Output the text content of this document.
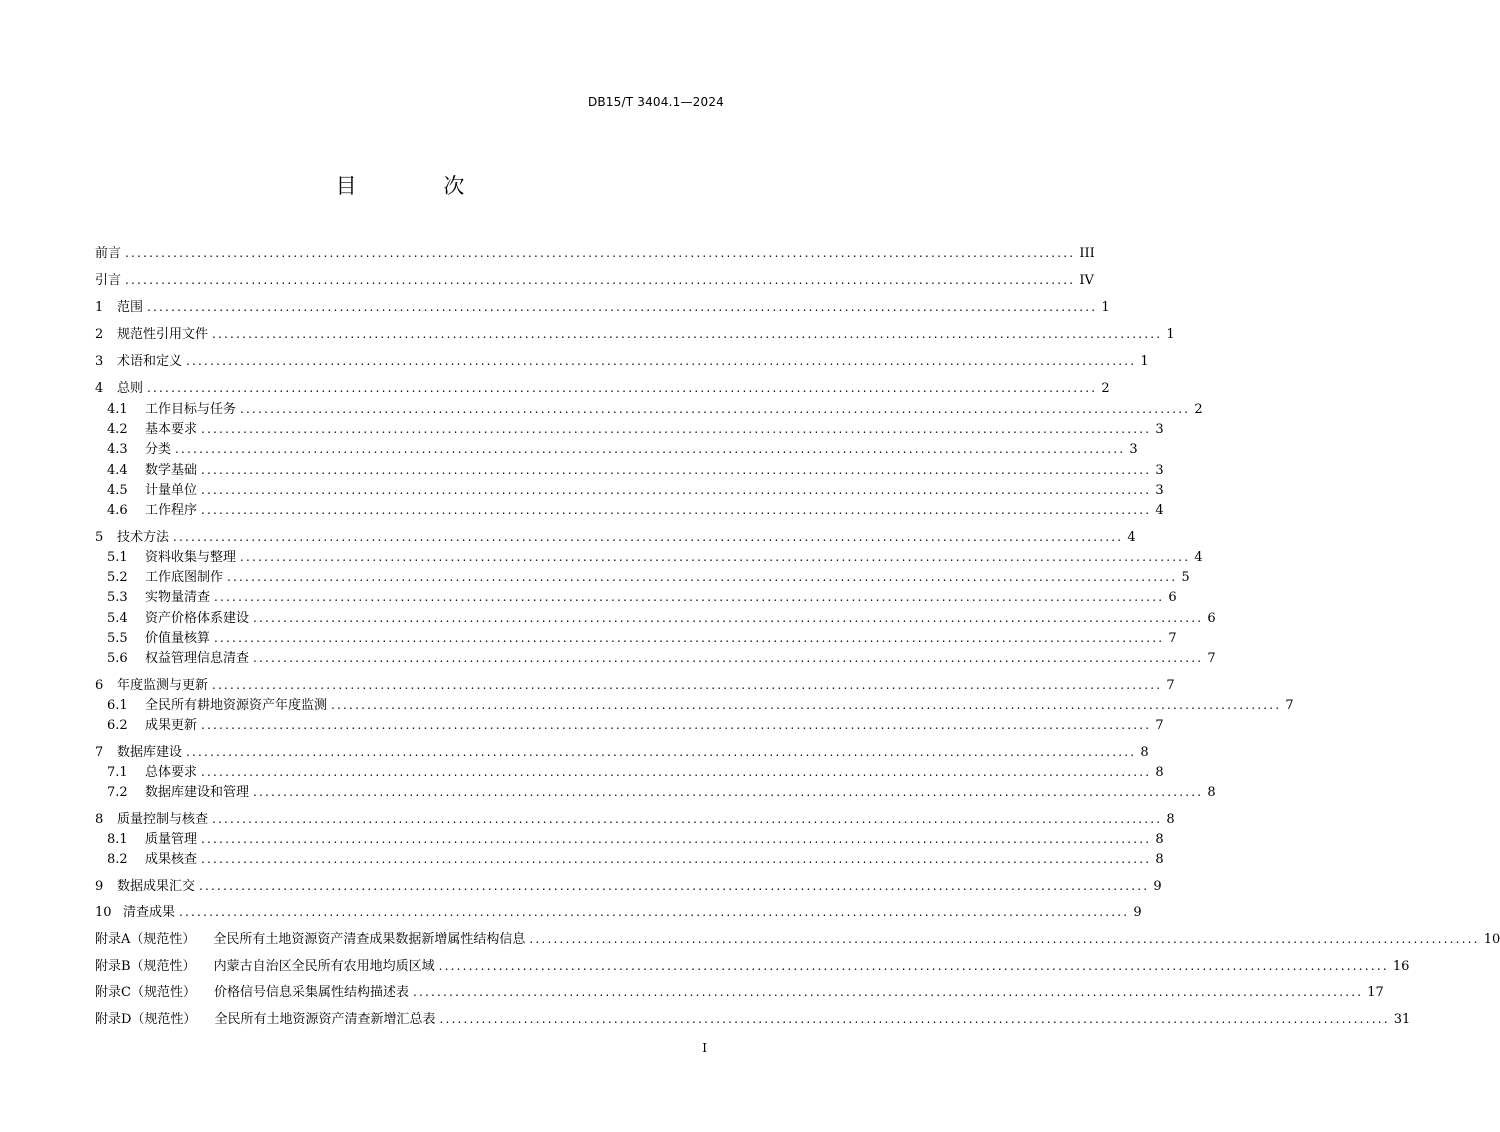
DB15/T 3404.1—2024
目 次
前言 .............................................................................................................................................................. III
引言 .............................................................................................................................................................. IV
1	范围 .............................................................................................................................................................. 1
2	规范性引用文件 .............................................................................................................................................................. 1
3	术语和定义 .............................................................................................................................................................. 1
4	总则 .............................................................................................................................................................. 2
4.1	工作目标与任务 .............................................................................................................................................................. 2
4.2	基本要求 .............................................................................................................................................................. 3
4.3	分类 .............................................................................................................................................................. 3
4.4	数学基础 .............................................................................................................................................................. 3
4.5	计量单位 .............................................................................................................................................................. 3
4.6	工作程序 .............................................................................................................................................................. 4
5	技术方法 .............................................................................................................................................................. 4
5.1	资料收集与整理 .............................................................................................................................................................. 4
5.2	工作底图制作 .............................................................................................................................................................. 5
5.3	实物量清查 .............................................................................................................................................................. 6
5.4	资产价格体系建设 .............................................................................................................................................................. 6
5.5	价值量核算 .............................................................................................................................................................. 7
5.6	权益管理信息清查 .............................................................................................................................................................. 7
6	年度监测与更新 .............................................................................................................................................................. 7
6.1	全民所有耕地资源资产年度监测 .............................................................................................................................................................. 7
6.2	成果更新 .............................................................................................................................................................. 7
7	数据库建设 .............................................................................................................................................................. 8
7.1	总体要求 .............................................................................................................................................................. 8
7.2	数据库建设和管理 .............................................................................................................................................................. 8
8	质量控制与核查 .............................................................................................................................................................. 8
8.1	质量管理 .............................................................................................................................................................. 8
8.2	成果核查 .............................................................................................................................................................. 8
9	数据成果汇交 .............................................................................................................................................................. 9
10 清查成果 .............................................................................................................................................................. 9
附录A（规范性） 全民所有土地资源资产清查成果数据新增属性结构信息 .............................................................................................................................................................. 10
附录B（规范性） 内蒙古自治区全民所有农用地均质区域 .............................................................................................................................................................. 16
附录C（规范性） 价格信号信息采集属性结构描述表 .............................................................................................................................................................. 17
附录D（规范性） 全民所有土地资源资产清查新增汇总表 .............................................................................................................................................................. 31
I
